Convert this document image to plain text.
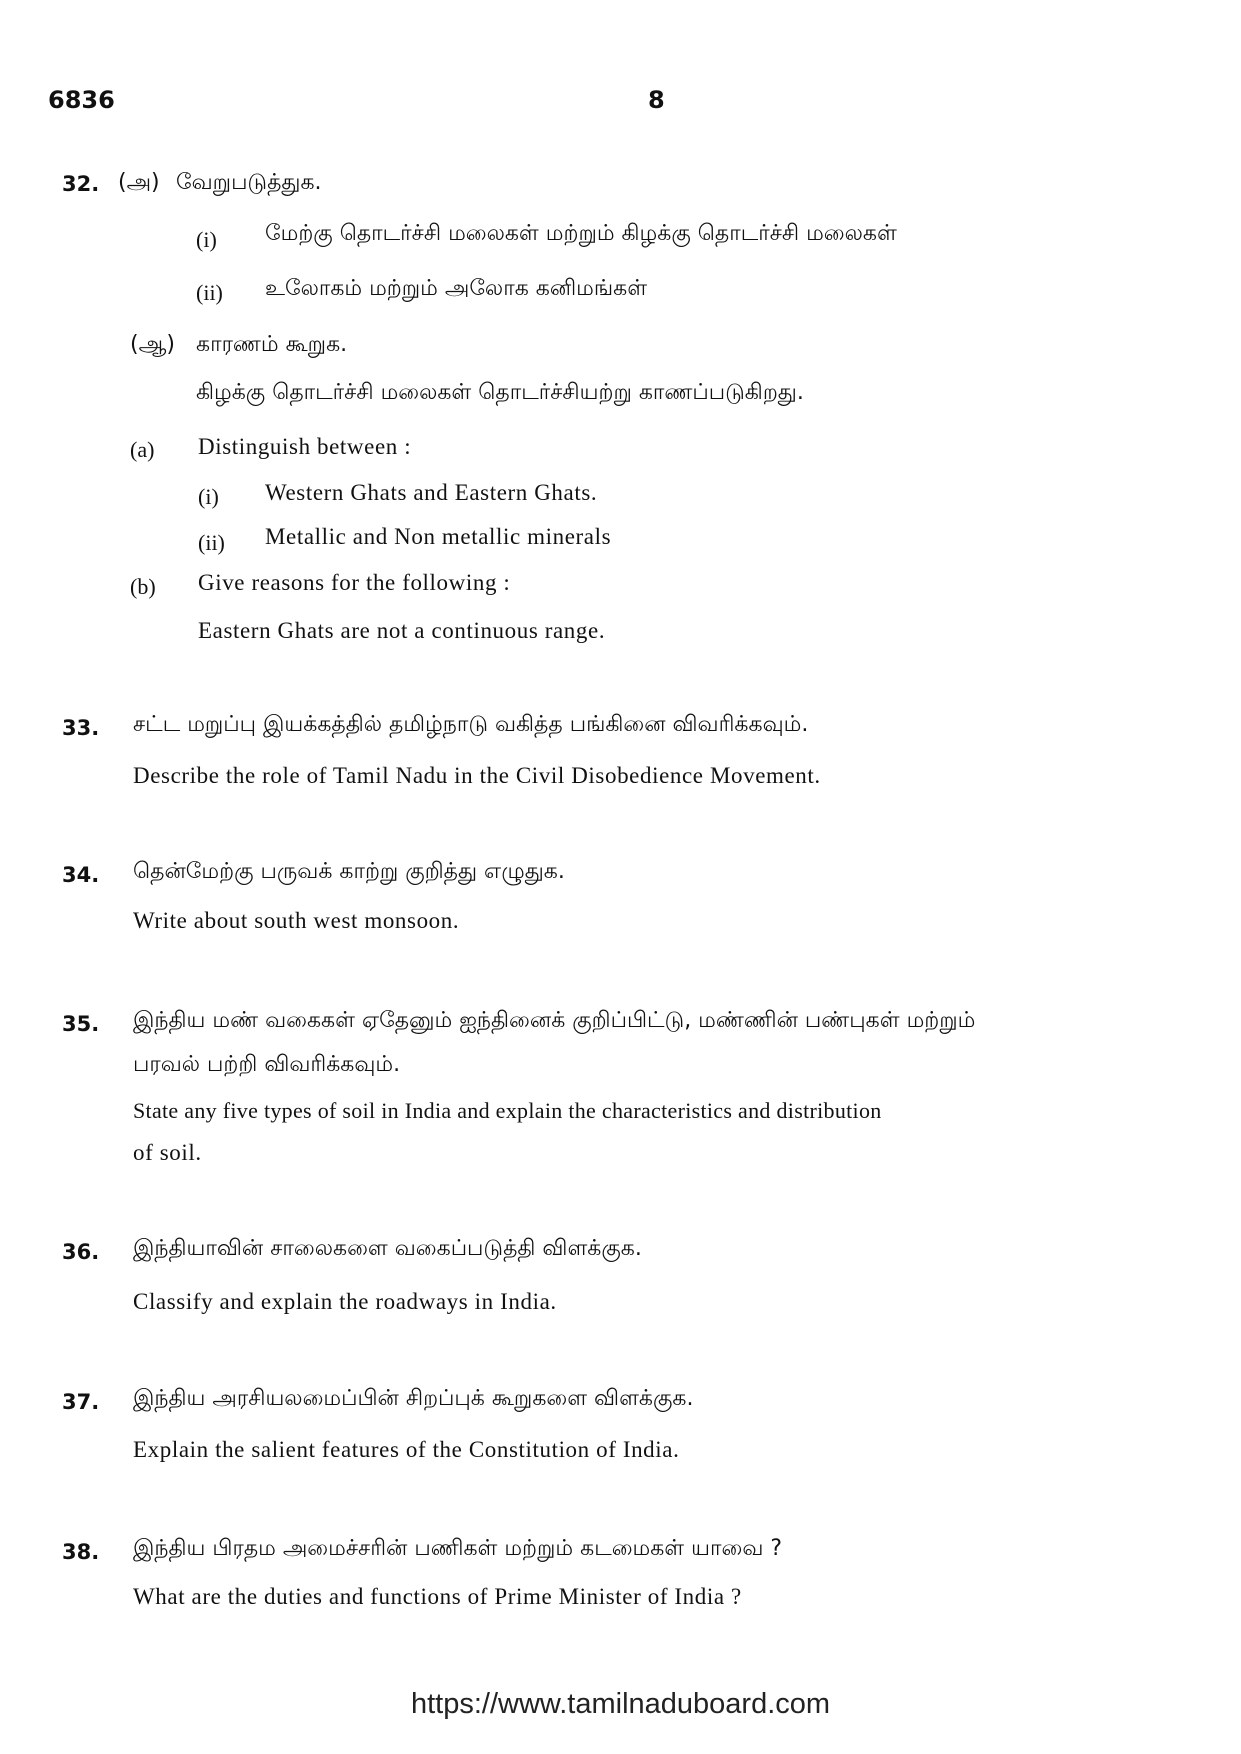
6836	8
32. (அ) வேறுபடுத்துக.
(i) மேற்கு தொடர்ச்சி மலைகள் மற்றும் கிழக்கு தொடர்ச்சி மலைகள்
(ii) உலோகம் மற்றும் அலோக கனிமங்கள்
(ஆ) காரணம் கூறுக.
கிழக்கு தொடர்ச்சி மலைகள் தொடர்ச்சியற்று காணப்படுகிறது.
(a) Distinguish between :
(i) Western Ghats and Eastern Ghats.
(ii) Metallic and Non metallic minerals
(b) Give reasons for the following :
Eastern Ghats are not a continuous range.
33. சட்ட மறுப்பு இயக்கத்தில் தமிழ்நாடு வகித்த பங்கினை விவரிக்கவும்.
Describe the role of Tamil Nadu in the Civil Disobedience Movement.
34. தென்மேற்கு பருவக் காற்று குறித்து எழுதுக.
Write about south west monsoon.
35. இந்திய மண் வகைகள் ஏதேனும் ஐந்தினைக் குறிப்பிட்டு, மண்ணின் பண்புகள் மற்றும்
பரவல் பற்றி விவரிக்கவும்.
State any five types of soil in India and explain the characteristics and distribution
of soil.
36. இந்தியாவின் சாலைகளை வகைப்படுத்தி விளக்குக.
Classify and explain the roadways in India.
37. இந்திய அரசியலமைப்பின் சிறப்புக் கூறுகளை விளக்குக.
Explain the salient features of the Constitution of India.
38. இந்திய பிரதம அமைச்சரின் பணிகள் மற்றும் கடமைகள் யாவை ?
What are the duties and functions of Prime Minister of India ?
https://www.tamilnaduboard.com
